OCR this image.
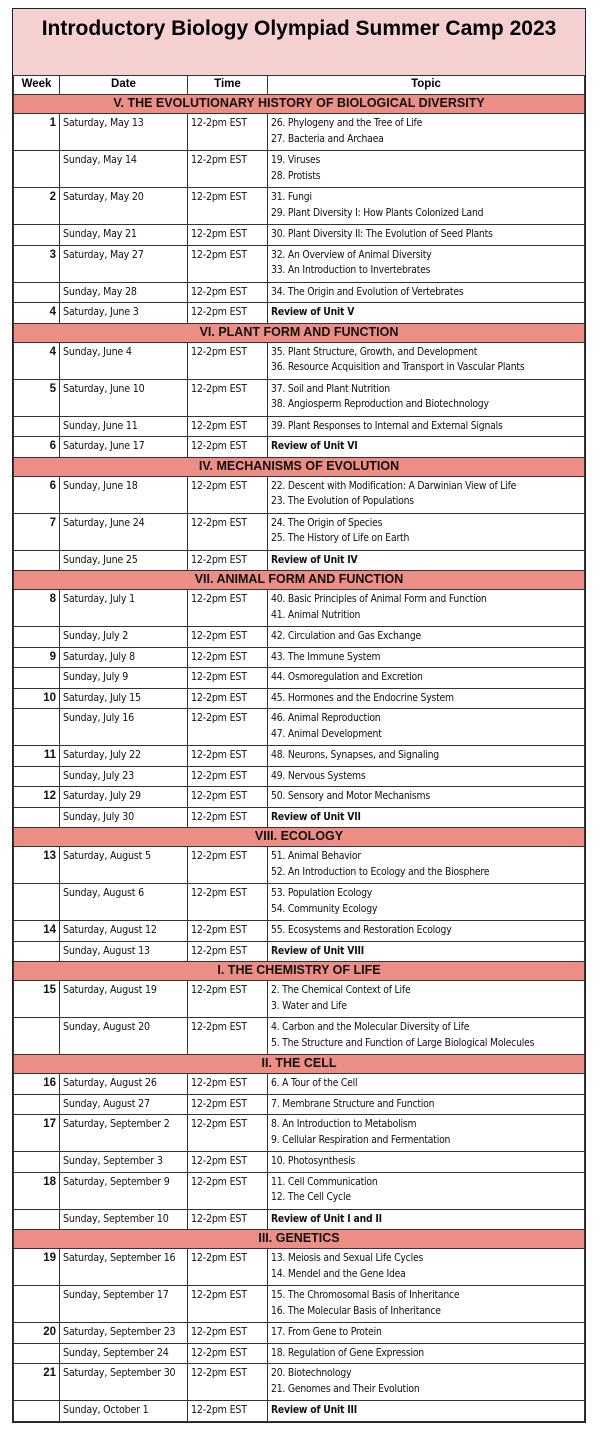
Introductory Biology Olympiad Summer Camp 2023
Week	Date	Time	Topic
V. THE EVOLUTIONARY HISTORY OF BIOLOGICAL DIVERSITY			
1	Saturday, May 13	12-2pm EST	26. Phylogeny and the Tree of Life
27. Bacteria and Archaea

	Sunday, May 14	12-2pm EST	19. Viruses
28. Protists

2	Saturday, May 20	12-2pm EST	31. Fungi
29. Plant Diversity I: How Plants Colonized Land

	Sunday, May 21	12-2pm EST	30. Plant Diversity II: The Evolution of Seed Plants

3	Saturday, May 27	12-2pm EST	32. An Overview of Animal Diversity
33. An Introduction to Invertebrates

	Sunday, May 28	12-2pm EST	34. The Origin and Evolution of Vertebrates

4	Saturday, June 3	12-2pm EST	Review of Unit V

VI. PLANT FORM AND FUNCTION			
4	Sunday, June 4	12-2pm EST	35. Plant Structure, Growth, and Development
36. Resource Acquisition and Transport in Vascular Plants

5	Saturday, June 10	12-2pm EST	37. Soil and Plant Nutrition
38. Angiosperm Reproduction and Biotechnology

	Sunday, June 11	12-2pm EST	39. Plant Responses to Internal and External Signals

6	Saturday, June 17	12-2pm EST	Review of Unit VI

IV. MECHANISMS OF EVOLUTION			
6	Sunday, June 18	12-2pm EST	22. Descent with Modification: A Darwinian View of Life
23. The Evolution of Populations

7	Saturday, June 24	12-2pm EST	24. The Origin of Species
25. The History of Life on Earth

	Sunday, June 25	12-2pm EST	Review of Unit IV

VII. ANIMAL FORM AND FUNCTION			
8	Saturday, July 1	12-2pm EST	40. Basic Principles of Animal Form and Function
41. Animal Nutrition

	Sunday, July 2	12-2pm EST	42. Circulation and Gas Exchange

9	Saturday, July 8	12-2pm EST	43. The Immune System

	Sunday, July 9	12-2pm EST	44. Osmoregulation and Excretion

10	Saturday, July 15	12-2pm EST	45. Hormones and the Endocrine System

	Sunday, July 16	12-2pm EST	46. Animal Reproduction
47. Animal Development

11	Saturday, July 22	12-2pm EST	48. Neurons, Synapses, and Signaling

	Sunday, July 23	12-2pm EST	49. Nervous Systems

12	Saturday, July 29	12-2pm EST	50. Sensory and Motor Mechanisms

	Sunday, July 30	12-2pm EST	Review of Unit VII

VIII. ECOLOGY			
13	Saturday, August 5	12-2pm EST	51. Animal Behavior
52. An Introduction to Ecology and the Biosphere

	Sunday, August 6	12-2pm EST	53. Population Ecology
54. Community Ecology

14	Saturday, August 12	12-2pm EST	55. Ecosystems and Restoration Ecology

	Sunday, August 13	12-2pm EST	Review of Unit VIII

I. THE CHEMISTRY OF LIFE			
15	Saturday, August 19	12-2pm EST	2. The Chemical Context of Life
3. Water and Life

	Sunday, August 20	12-2pm EST	4. Carbon and the Molecular Diversity of Life
5. The Structure and Function of Large Biological Molecules

II. THE CELL			
16	Saturday, August 26	12-2pm EST	6. A Tour of the Cell

	Sunday, August 27	12-2pm EST	7. Membrane Structure and Function

17	Saturday, September 2	12-2pm EST	8. An Introduction to Metabolism
9. Cellular Respiration and Fermentation

	Sunday, September 3	12-2pm EST	10. Photosynthesis

18	Saturday, September 9	12-2pm EST	11. Cell Communication
12. The Cell Cycle

	Sunday, September 10	12-2pm EST	Review of Unit I and II

III. GENETICS			
19	Saturday, September 16	12-2pm EST	13. Meiosis and Sexual Life Cycles
14. Mendel and the Gene Idea

	Sunday, September 17	12-2pm EST	15. The Chromosomal Basis of Inheritance
16. The Molecular Basis of Inheritance

20	Saturday, September 23	12-2pm EST	17. From Gene to Protein

	Sunday, September 24	12-2pm EST	18. Regulation of Gene Expression

21	Saturday, September 30	12-2pm EST	20. Biotechnology
21. Genomes and Their Evolution

	Sunday, October 1	12-2pm EST	Review of Unit III
